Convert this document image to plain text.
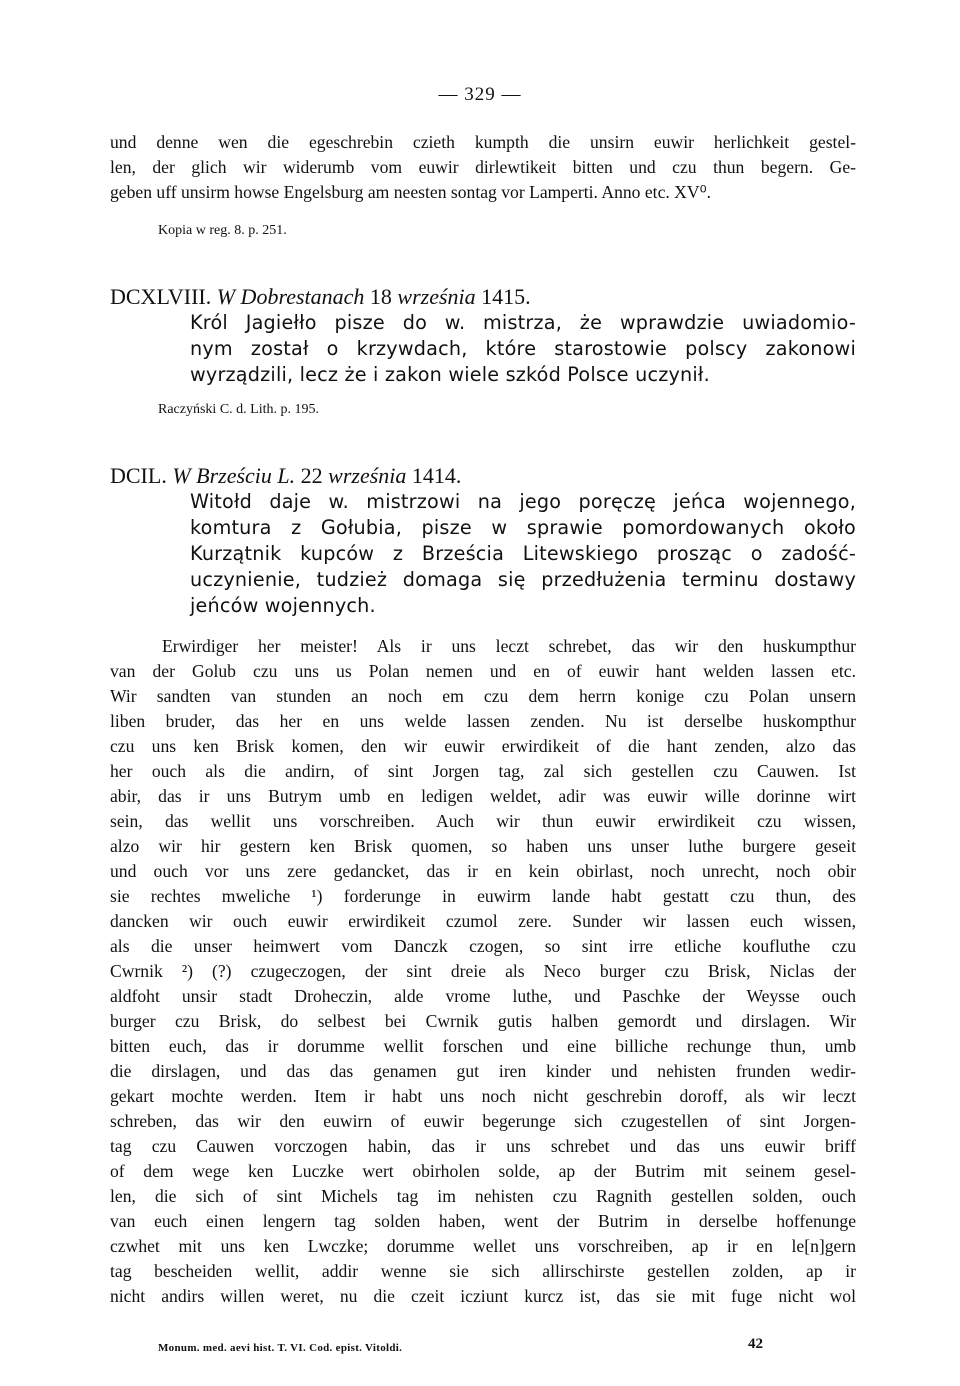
— 329 —
und denne wen die egeschrebin czieth kumpth die unsirn euwir herlichkeit gestel-
len, der glich wir widerumb vom euwir dirlewtikeit bitten und czu thun begern. Ge-
geben uff unsirm howse Engelsburg am neesten sontag vor Lamperti. Anno etc. XV⁰.
Kopia w reg. 8. p. 251.
DCXLVIII. W Dobrestanach 18 września 1415.
Król Jagiełło pisze do w. mistrza, że wprawdzie uwiadomio-
nym został o krzywdach, które starostowie polscy zakonowi
wyrządzili, lecz że i zakon wiele szkód Polsce uczynił.
Raczyński C. d. Lith. p. 195.
DCIL. W Brześciu L. 22 września 1414.
Witołd daje w. mistrzowi na jego poręczę jeńca wojennego,
komtura z Gołubia, pisze w sprawie pomordowanych około
Kurzątnik kupców z Brześcia Litewskiego prosząc o zadość-
uczynienie, tudzież domaga się przedłużenia terminu dostawy
jeńców wojennych.
Erwirdiger her meister! Als ir uns leczt schrebet, das wir den huskumpthur
van der Golub czu uns us Polan nemen und en of euwir hant welden lassen etc.
Wir sandten van stunden an noch em czu dem herrn konige czu Polan unsern
liben bruder, das her en uns welde lassen zenden. Nu ist derselbe huskompthur
czu uns ken Brisk komen, den wir euwir erwirdikeit of die hant zenden, alzo das
her ouch als die andirn, of sint Jorgen tag, zal sich gestellen czu Cauwen. Ist
abir, das ir uns Butrym umb en ledigen weldet, adir was euwir wille dorinne wirt
sein, das wellit uns vorschreiben. Auch wir thun euwir erwirdikeit czu wissen,
alzo wir hir gestern ken Brisk quomen, so haben uns unser luthe burgere geseit
und ouch vor uns zere gedancket, das ir en kein obirlast, noch unrecht, noch obir
sie rechtes mweliche ¹) forderunge in euwirm lande habt gestatt czu thun, des
dancken wir ouch euwir erwirdikeit czumol zere. Sunder wir lassen euch wissen,
als die unser heimwert vom Danczk czogen, so sint irre etliche koufluthe czu
Cwrnik ²) (?) czugeczogen, der sint dreie als Neco burger czu Brisk, Niclas der
aldfoht unsir stadt Droheczin, alde vrome luthe, und Paschke der Weysse ouch
burger czu Brisk, do selbest bei Cwrnik gutis halben gemordt und dirslagen. Wir
bitten euch, das ir dorumme wellit forschen und eine billiche rechunge thun, umb
die dirslagen, und das das genamen gut iren kinder und nehisten frunden wedir-
gekart mochte werden. Item ir habt uns noch nicht geschrebin doroff, als wir leczt
schreben, das wir den euwirn of euwir begerunge sich czugestellen of sint Jorgen-
tag czu Cauwen vorczogen habin, das ir uns schrebet und das uns euwir briff
of dem wege ken Luczke wert obirholen solde, ap der Butrim mit seinem gesel-
len, die sich of sint Michels tag im nehisten czu Ragnith gestellen solden, ouch
van euch einen lengern tag solden haben, went der Butrim in derselbe hoffenunge
czwhet mit uns ken Lwczke; dorumme wellet uns vorschreiben, ap ir en le[n]gern
tag bescheiden wellit, addir wenne sie sich allirschirste gestellen zolden, ap ir
nicht andirs willen weret, nu die czeit icziunt kurcz ist, das sie mit fuge nicht wol
Monum. med. aevi hist. T. VI. Cod. epist. Vitoldi.	42
